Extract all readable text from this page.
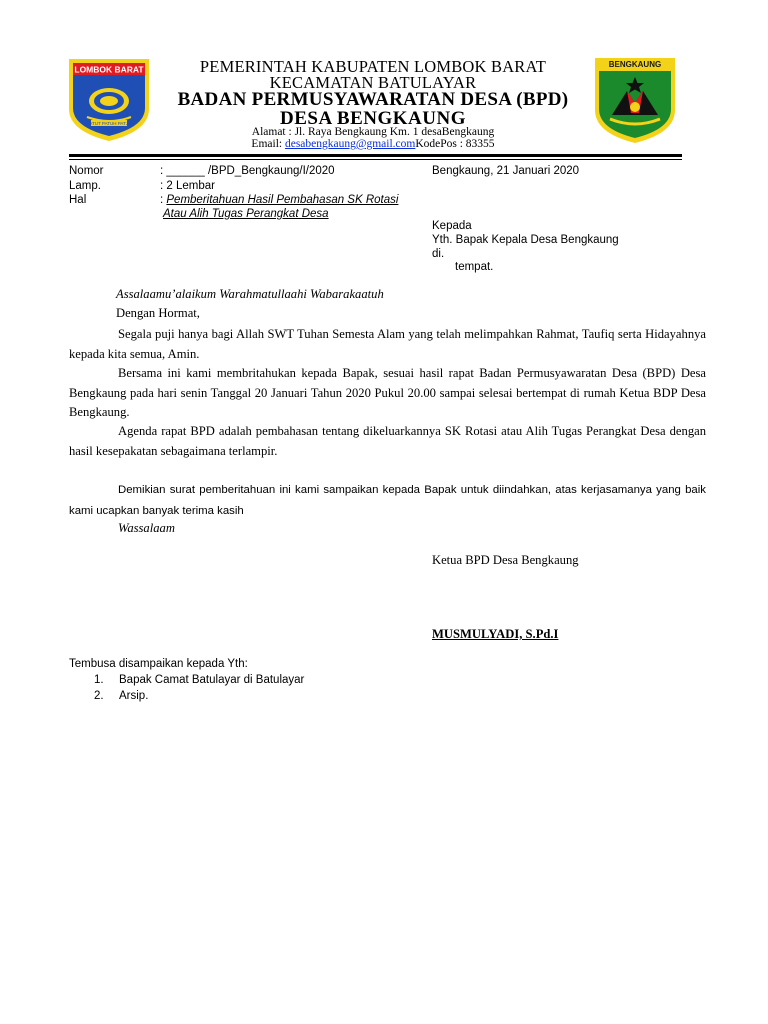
LOMBOK BARAT
PATUT PATUH PATJU
BENGKAUNG
PEMERINTAH KABUPATEN LOMBOK BARAT
KECAMATAN BATULAYAR
BADAN PERMUSYAWARATAN DESA (BPD)
DESA BENGKAUNG
Alamat : Jl. Raya Bengkaung Km. 1 desaBengkaung
Email: desabengkaung@gmail.comKodePos : 83355
Nomor	: ______ /BPD_Bengkaung/I/2020
Lamp.	: 2 Lembar
Hal	: Pemberitahuan Hasil Pembahasan SK Rotasi
Atau Alih Tugas Perangkat Desa
Bengkaung, 21 Januari 2020
Kepada
Yth. Bapak Kepala Desa Bengkaung
di.
tempat.
Assalaamu’alaikum Warahmatullaahi Wabarakaatuh
Dengan Hormat,
Segala puji hanya bagi Allah SWT Tuhan Semesta Alam yang telah melimpahkan Rahmat, Taufiq serta Hidayahnya kepada kita semua, Amin.
Bersama ini kami membritahukan kepada Bapak, sesuai hasil rapat Badan Permusyawaratan Desa (BPD) Desa Bengkaung pada hari senin Tanggal 20 Januari Tahun 2020 Pukul 20.00 sampai selesai bertempat di rumah Ketua BDP Desa Bengkaung.
Agenda rapat BPD adalah pembahasan tentang dikeluarkannya SK Rotasi atau Alih Tugas Perangkat Desa dengan hasil kesepakatan sebagaimana terlampir.
Demikian surat pemberitahuan ini kami sampaikan kepada Bapak untuk diindahkan, atas kerjasamanya yang baik kami ucapkan banyak terima kasih
Wassalaam
Ketua BPD Desa Bengkaung
MUSMULYADI, S.Pd.I
Tembusa disampaikan kepada Yth:
1. Bapak Camat Batulayar di Batulayar
2. Arsip.
